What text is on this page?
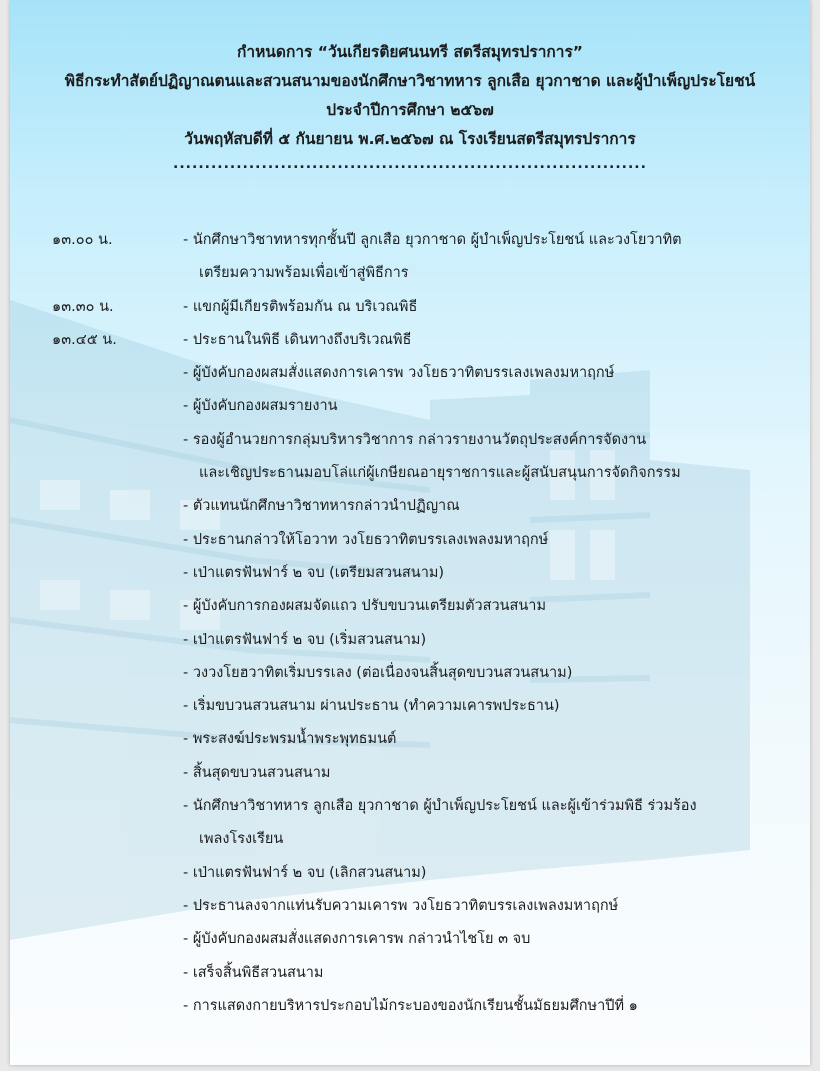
กำหนดการ “วันเกียรติยศนนทรี สตรีสมุทรปราการ”
พิธีกระทำสัตย์ปฏิญาณตนและสวนสนามของนักศึกษาวิชาทหาร ลูกเสือ ยุวกาชาด และผู้บำเพ็ญประโยชน์
ประจำปีการศึกษา ๒๕๖๗
วันพฤหัสบดีที่ ๕ กันยายน พ.ศ.๒๕๖๗ ณ โรงเรียนสตรีสมุทรปราการ
...........................................................................
๑๓.๐๐ น.	- นักศึกษาวิชาทหารทุกชั้นปี ลูกเสือ ยุวกาชาด ผู้บำเพ็ญประโยชน์ และวงโยวาทิต
เตรียมความพร้อมเพื่อเข้าสู่พิธีการ
๑๓.๓๐ น.	- แขกผู้มีเกียรติพร้อมกัน ณ บริเวณพิธี
๑๓.๔๕ น.	- ประธานในพิธี เดินทางถึงบริเวณพิธี
- ผู้บังคับกองผสมสั่งแสดงการเคารพ วงโยธวาทิตบรรเลงเพลงมหาฤกษ์
- ผู้บังคับกองผสมรายงาน
- รองผู้อำนวยการกลุ่มบริหารวิชาการ กล่าวรายงานวัตถุประสงค์การจัดงาน
และเชิญประธานมอบโล่แก่ผู้เกษียณอายุราชการและผู้สนับสนุนการจัดกิจกรรม
- ตัวแทนนักศึกษาวิชาทหารกล่าวนำปฏิญาณ
- ประธานกล่าวให้โอวาท วงโยธวาทิตบรรเลงเพลงมหาฤกษ์
- เป่าแตรฟันฟาร์ ๒ จบ (เตรียมสวนสนาม)
- ผู้บังคับการกองผสมจัดแถว ปรับขบวนเตรียมตัวสวนสนาม
- เป่าแตรฟันฟาร์ ๒ จบ (เริ่มสวนสนาม)
- วงวงโยฮวาทิตเริ่มบรรเลง (ต่อเนื่องจนสิ้นสุดขบวนสวนสนาม)
- เริ่มขบวนสวนสนาม ผ่านประธาน (ทำความเคารพประธาน)
- พระสงฆ์ประพรมน้ำพระพุทธมนต์
- สิ้นสุดขบวนสวนสนาม
- นักศึกษาวิชาทหาร ลูกเสือ ยุวกาชาด ผู้บำเพ็ญประโยชน์ และผู้เข้าร่วมพิธี ร่วมร้อง
เพลงโรงเรียน
- เป่าแตรฟันฟาร์ ๒ จบ (เลิกสวนสนาม)
- ประธานลงจากแท่นรับความเคารพ วงโยธวาทิตบรรเลงเพลงมหาฤกษ์
- ผู้บังคับกองผสมสั่งแสดงการเคารพ กล่าวนำไชโย ๓ จบ
- เสร็จสิ้นพิธีสวนสนาม
- การแสดงกายบริหารประกอบไม้กระบองของนักเรียนชั้นมัธยมศึกษาปีที่ ๑
